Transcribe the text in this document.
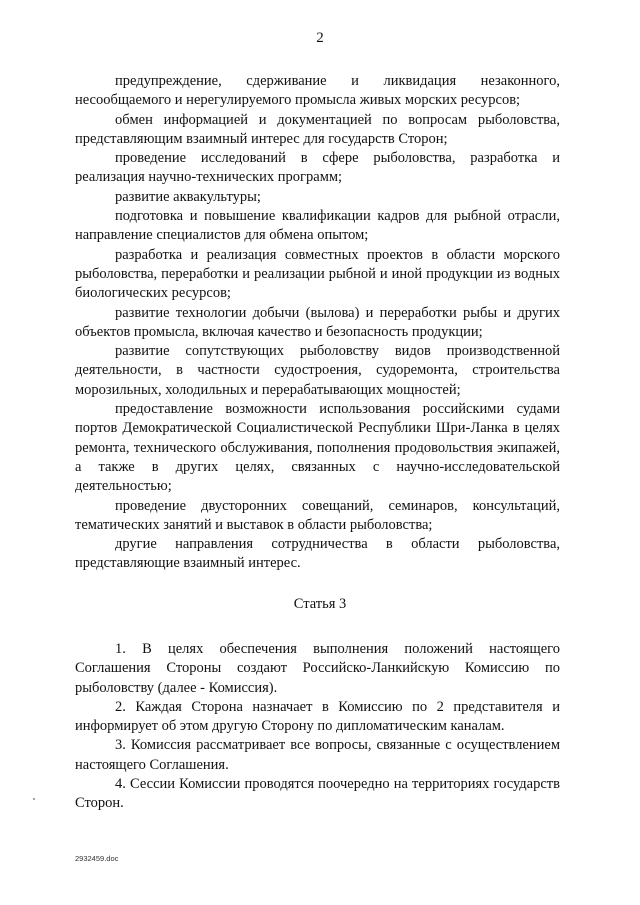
2

предупреждение, сдерживание и ликвидация незаконного, несообщаемого и нерегулируемого промысла живых морских ресурсов;

обмен информацией и документацией по вопросам рыболовства, представляющим взаимный интерес для государств Сторон;

проведение исследований в сфере рыболовства, разработка и реализация научно-технических программ;

развитие аквакультуры;

подготовка и повышение квалификации кадров для рыбной отрасли, направление специалистов для обмена опытом;

разработка и реализация совместных проектов в области морского рыболовства, переработки и реализации рыбной и иной продукции из водных биологических ресурсов;

развитие технологии добычи (вылова) и переработки рыбы и других объектов промысла, включая качество и безопасность продукции;

развитие сопутствующих рыболовству видов производственной деятельности, в частности судостроения, судоремонта, строительства морозильных, холодильных и перерабатывающих мощностей;

предоставление возможности использования российскими судами портов Демократической Социалистической Республики Шри-Ланка в целях ремонта, технического обслуживания, пополнения продовольствия экипажей, а также в других целях, связанных с научно-исследовательской деятельностью;

проведение двусторонних совещаний, семинаров, консультаций, тематических занятий и выставок в области рыболовства;

другие направления сотрудничества в области рыболовства, представляющие взаимный интерес.

Статья 3

1. В целях обеспечения выполнения положений настоящего Соглашения Стороны создают Российско-Ланкийскую Комиссию по рыболовству (далее - Комиссия).

2. Каждая Сторона назначает в Комиссию по 2 представителя и информирует об этом другую Сторону по дипломатическим каналам.

3. Комиссия рассматривает все вопросы, связанные с осуществлением настоящего Соглашения.

4. Сессии Комиссии проводятся поочередно на территориях государств Сторон.

2932459.doc
